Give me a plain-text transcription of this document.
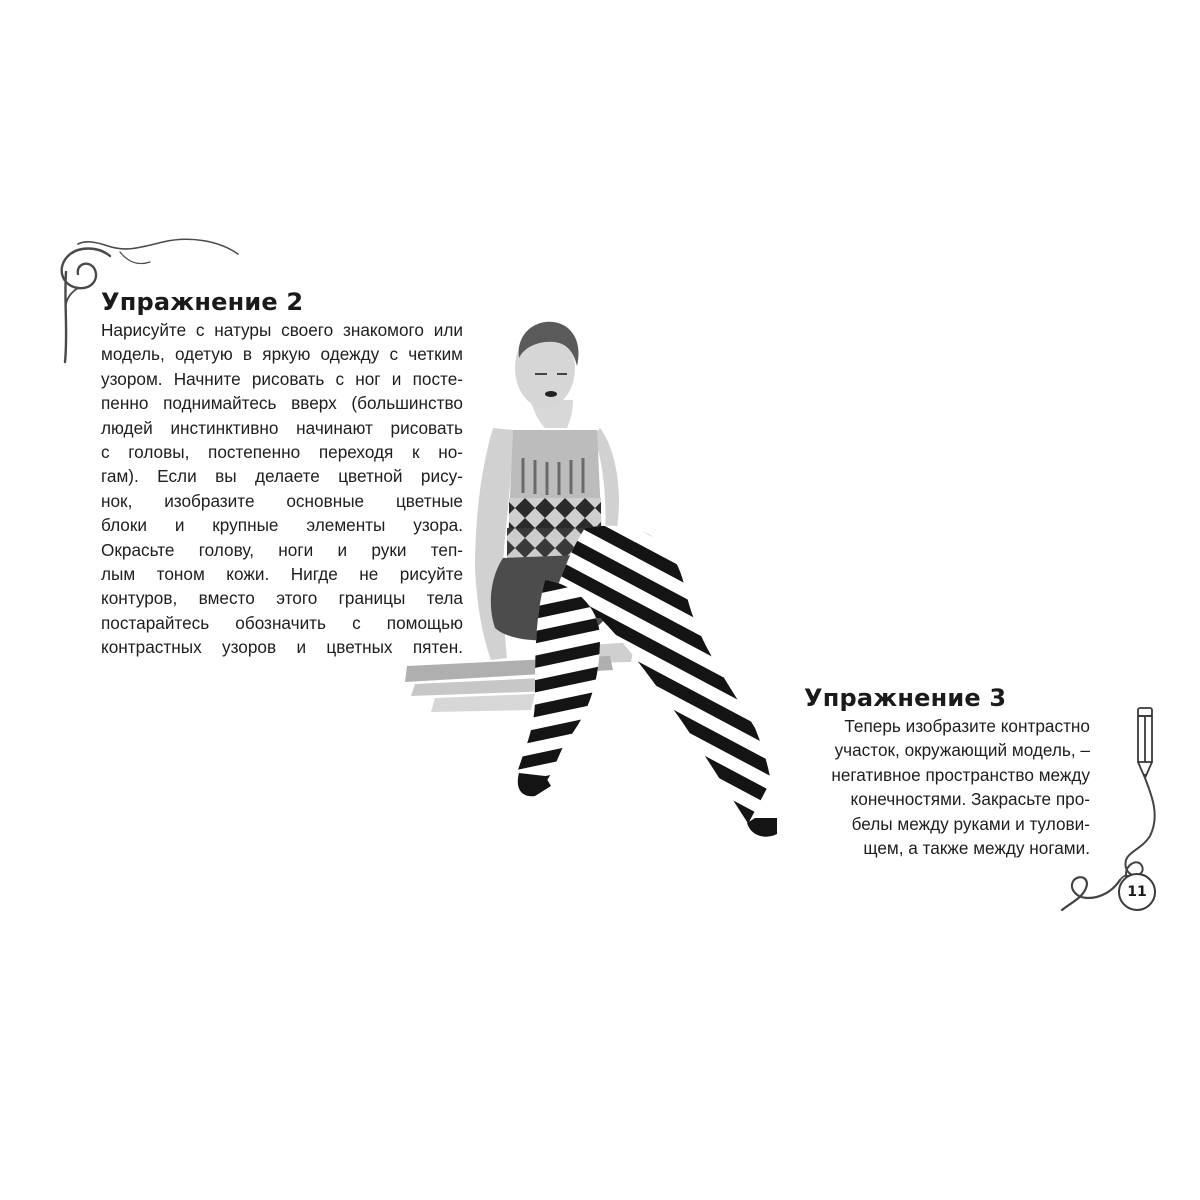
Упражнение 2
Нарисуйте с натуры своего знакомого или
модель, одетую в яркую одежду с четким
узором. Начните рисовать с ног и посте-
пенно поднимайтесь вверх (большинство
людей инстинктивно начинают рисовать
с головы, постепенно переходя к но-
гам). Если вы делаете цветной рису-
нок, изобразите основные цветные
блоки и крупные элементы узора.
Окрасьте голову, ноги и руки теп-
лым тоном кожи. Нигде не рисуйте
контуров, вместо этого границы тела
постарайтесь обозначить с помощью
контрастных узоров и цветных пятен.
Упражнение 3
Теперь изобразите контрастно
участок, окружающий модель, –
негативное пространство между
конечностями. Закрасьте про-
белы между руками и тулови-
щем, а также между ногами.
11
